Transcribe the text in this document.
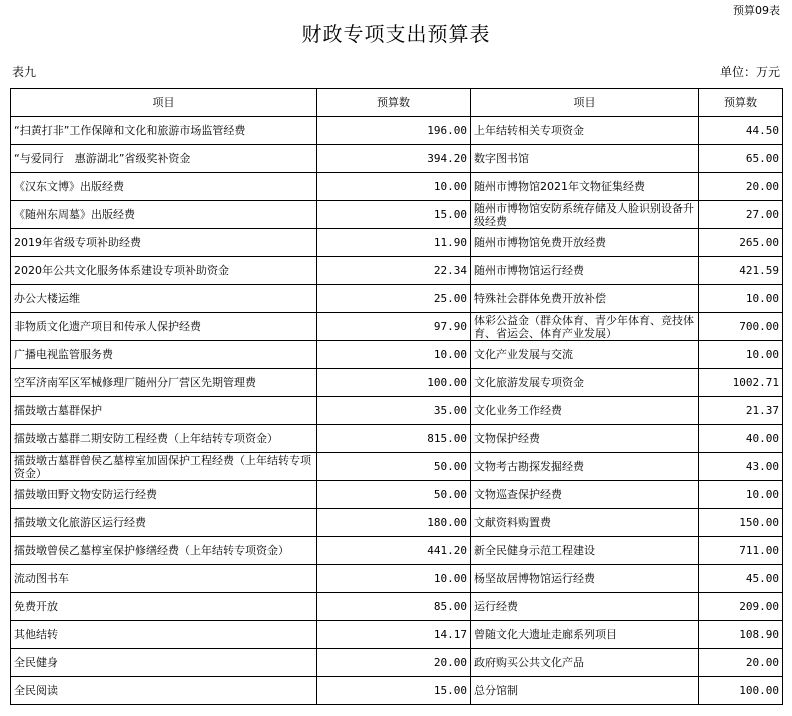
预算09表
财政专项支出预算表
表九	单位：万元
项目	预算数	项目	预算数
“扫黄打非”工作保障和文化和旅游市场监管经费	196.00	上年结转相关专项资金	44.50
“与爱同行　惠游湖北”省级奖补资金	394.20	数字图书馆	65.00
《汉东文博》出版经费	10.00	随州市博物馆2021年文物征集经费	20.00
《随州东周墓》出版经费	15.00	随州市博物馆安防系统存储及人脸识别设备升级经费	27.00
2019年省级专项补助经费	11.90	随州市博物馆免费开放经费	265.00
2020年公共文化服务体系建设专项补助资金	22.34	随州市博物馆运行经费	421.59
办公大楼运维	25.00	特殊社会群体免费开放补偿	10.00
非物质文化遗产项目和传承人保护经费	97.90	体彩公益金（群众体育、青少年体育、竞技体育、省运会、体育产业发展）	700.00
广播电视监管服务费	10.00	文化产业发展与交流	10.00
空军济南军区军械修理厂随州分厂营区先期管理费	100.00	文化旅游发展专项资金	1002.71
擂鼓墩古墓群保护	35.00	文化业务工作经费	21.37
擂鼓墩古墓群二期安防工程经费（上年结转专项资金）	815.00	文物保护经费	40.00
擂鼓墩古墓群曾侯乙墓椁室加固保护工程经费（上年结转专项资金）	50.00	文物考古勘探发掘经费	43.00
擂鼓墩田野文物安防运行经费	50.00	文物巡查保护经费	10.00
擂鼓墩文化旅游区运行经费	180.00	文献资料购置费	150.00
擂鼓墩曾侯乙墓椁室保护修缮经费（上年结转专项资金）	441.20	新全民健身示范工程建设	711.00
流动图书车	10.00	杨坚故居博物馆运行经费	45.00
免费开放	85.00	运行经费	209.00
其他结转	14.17	曾随文化大遗址走廊系列项目	108.90
全民健身	20.00	政府购买公共文化产品	20.00
全民阅读	15.00	总分馆制	100.00
